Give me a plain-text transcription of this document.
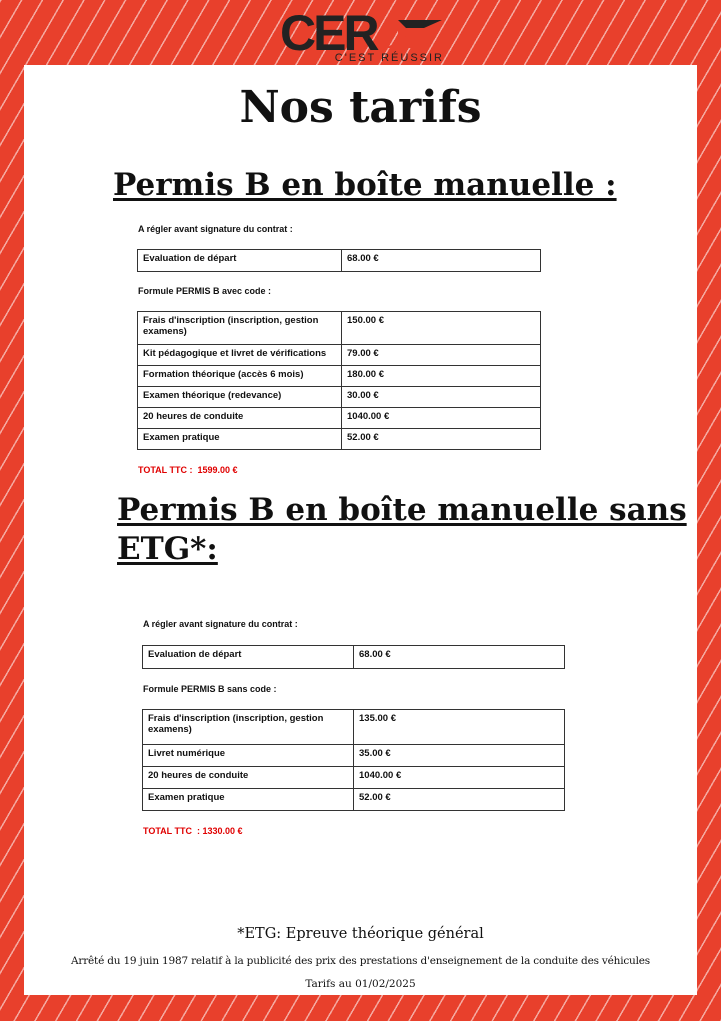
CER
C'EST RÉUSSIR
Nos tarifs
Permis B en boîte manuelle :
A régler avant signature du contrat :
Evaluation de départ	68.00 €
Formule PERMIS B avec code :
Frais d'inscription (inscription, gestion examens)	150.00 €
Kit pédagogique et livret de vérifications	79.00 €
Formation théorique (accès 6 mois)	180.00 €
Examen théorique (redevance)	30.00 €
20 heures de conduite	1040.00 €
Examen pratique	52.00 €
TOTAL TTC :  1599.00 €
Permis B en boîte manuelle sans
ETG*:
A régler avant signature du contrat :
Evaluation de départ	68.00 €
Formule PERMIS B sans code :
Frais d'inscription (inscription, gestion examens)	135.00 €
Livret numérique	35.00 €
20 heures de conduite	1040.00 €
Examen pratique	52.00 €
TOTAL TTC  : 1330.00 €
*ETG: Epreuve théorique général
Arrêté du 19 juin 1987 relatif à la publicité des prix des prestations d'enseignement de la conduite des véhicules
Tarifs au 01/02/2025
